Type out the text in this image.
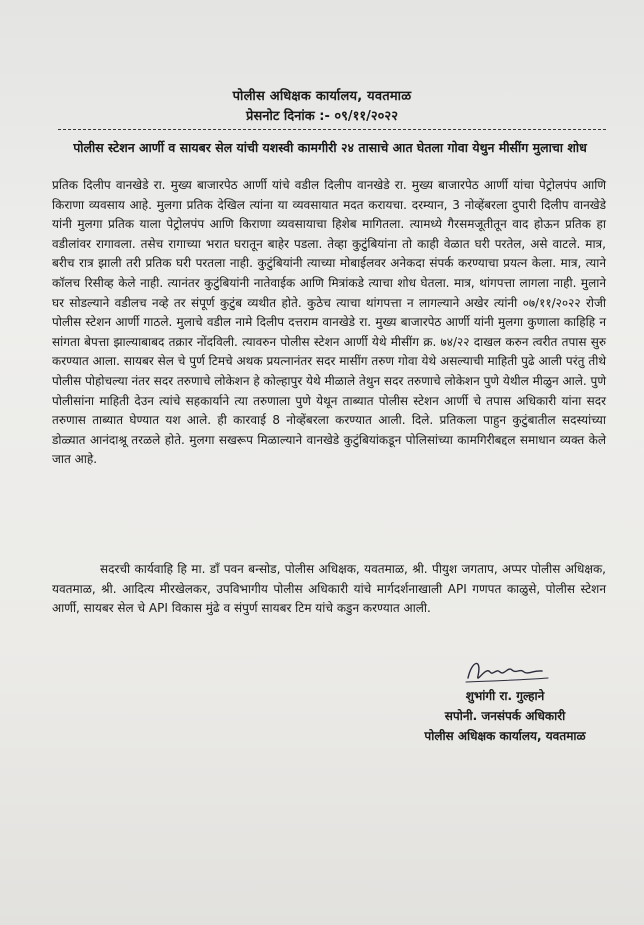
पोलीस अधिक्षक कार्यालय, यवतमाळ
प्रेसनोट दिनांक :- ०९/११/२०२२
पोलीस स्टेशन आर्णी व सायबर सेल यांची यशस्वी कामगीरी २४ तासाचे आत घेतला गोवा येथुन मीसींग मुलाचा शोध

प्रतिक दिलीप वानखेडे रा. मुख्य बाजारपेठ आर्णी यांचे वडील दिलीप वानखेडे रा. मुख्य बाजारपेठ आर्णी यांचा पेट्रोलपंप आणि किराणा व्यवसाय आहे. मुलगा प्रतिक देखिल त्यांना या व्यवसायात मदत करायचा. दरम्यान, 3 नोव्हेंबरला दुपारी दिलीप वानखेडे यांनी मुलगा प्रतिक याला पेट्रोलपंप आणि किराणा व्यवसायाचा हिशेब मागितला. त्यामध्ये गैरसमजूतीतून वाद होऊन प्रतिक हा वडीलांवर रागावला. तसेच रागाच्या भरात घरातून बाहेर पडला. तेव्हा कुटुंबियांना तो काही वेळात घरी परतेल, असे वाटले. मात्र, बरीच रात्र झाली तरी प्रतिक घरी परतला नाही. कुटुंबियांनी त्याच्या मोबाईलवर अनेकदा संपर्क करण्याचा प्रयत्न केला. मात्र, त्याने कॉलच रिसीव्ह केले नाही. त्यानंतर कुटुंबियांनी नातेवाईक आणि मित्रांकडे त्याचा शोध घेतला. मात्र, थांगपत्ता लागला नाही. मुलाने घर सोडल्याने वडीलच नव्हे तर संपूर्ण कुटुंब व्यथीत होते. कुठेच त्याचा थांगपत्ता न लागल्याने अखेर त्यांनी ०७/११/२०२२ रोजी पोलीस स्टेशन आर्णी गाठले. मुलाचे वडील नामे दिलीप दत्तराम वानखेडे रा. मुख्य बाजारपेठ आर्णी यांनी मुलगा कुणाला काहिहि न सांगता बेपत्ता झाल्याबाबद तक्रार नोंदविली. त्यावरुन पोलीस स्टेशन आर्णी येथे मीसींग क्र. ७४/२२ दाखल करुन त्वरीत तपास सुरु करण्यात आला. सायबर सेल चे पुर्ण टिमचे अथक प्रयत्नानंतर सदर मासींग तरुण गोवा येथे असल्याची माहिती पुढे आली परंतु तीथे पोलीस पोहोचल्या नंतर सदर तरुणाचे लोकेशन हे कोल्हापुर येथे मीळाले तेथुन सदर तरुणाचे लोकेशन पुणे येथील मीळुन आले. पुणे पोलीसांना माहिती देउन त्यांचे सहकार्याने त्या तरुणाला पुणे येथून ताब्यात पोलीस स्टेशन आर्णी चे तपास अधिकारी यांना सदर तरुणास ताब्यात घेण्यात यश आले. ही कारवाई 8 नोव्हेंबरला करण्यात आली. दिले. प्रतिकला पाहुन कुटुंबातील सदस्यांच्या डोळ्यात आनंदाश्रू तरळले होते. मुलगा सखरूप मिळाल्याने वानखेडे कुटुंबियांकडून पोलिसांच्या कामगिरीबद्दल समाधान व्यक्त केले जात आहे.

सदरची कार्यवाहि हि मा. डॉं पवन बन्सोड, पोलीस अधिक्षक, यवतमाळ, श्री. पीयुश जगताप, अप्पर पोलीस अधिक्षक, यवतमाळ, श्री. आदित्य मीरखेलकर, उपविभागीय पोलीस अधिकारी यांचे मार्गदर्शनाखाली API गणपत काळुसे, पोलीस स्टेशन आर्णी, सायबर सेल चे API विकास मुंढे व संपुर्ण सायबर टिम यांचे कडुन करण्यात आली.
शुभांगी रा. गुल्हाने
सपोनी. जनसंपर्क अधिकारी
पोलीस अधिक्षक कार्यालय, यवतमाळ
